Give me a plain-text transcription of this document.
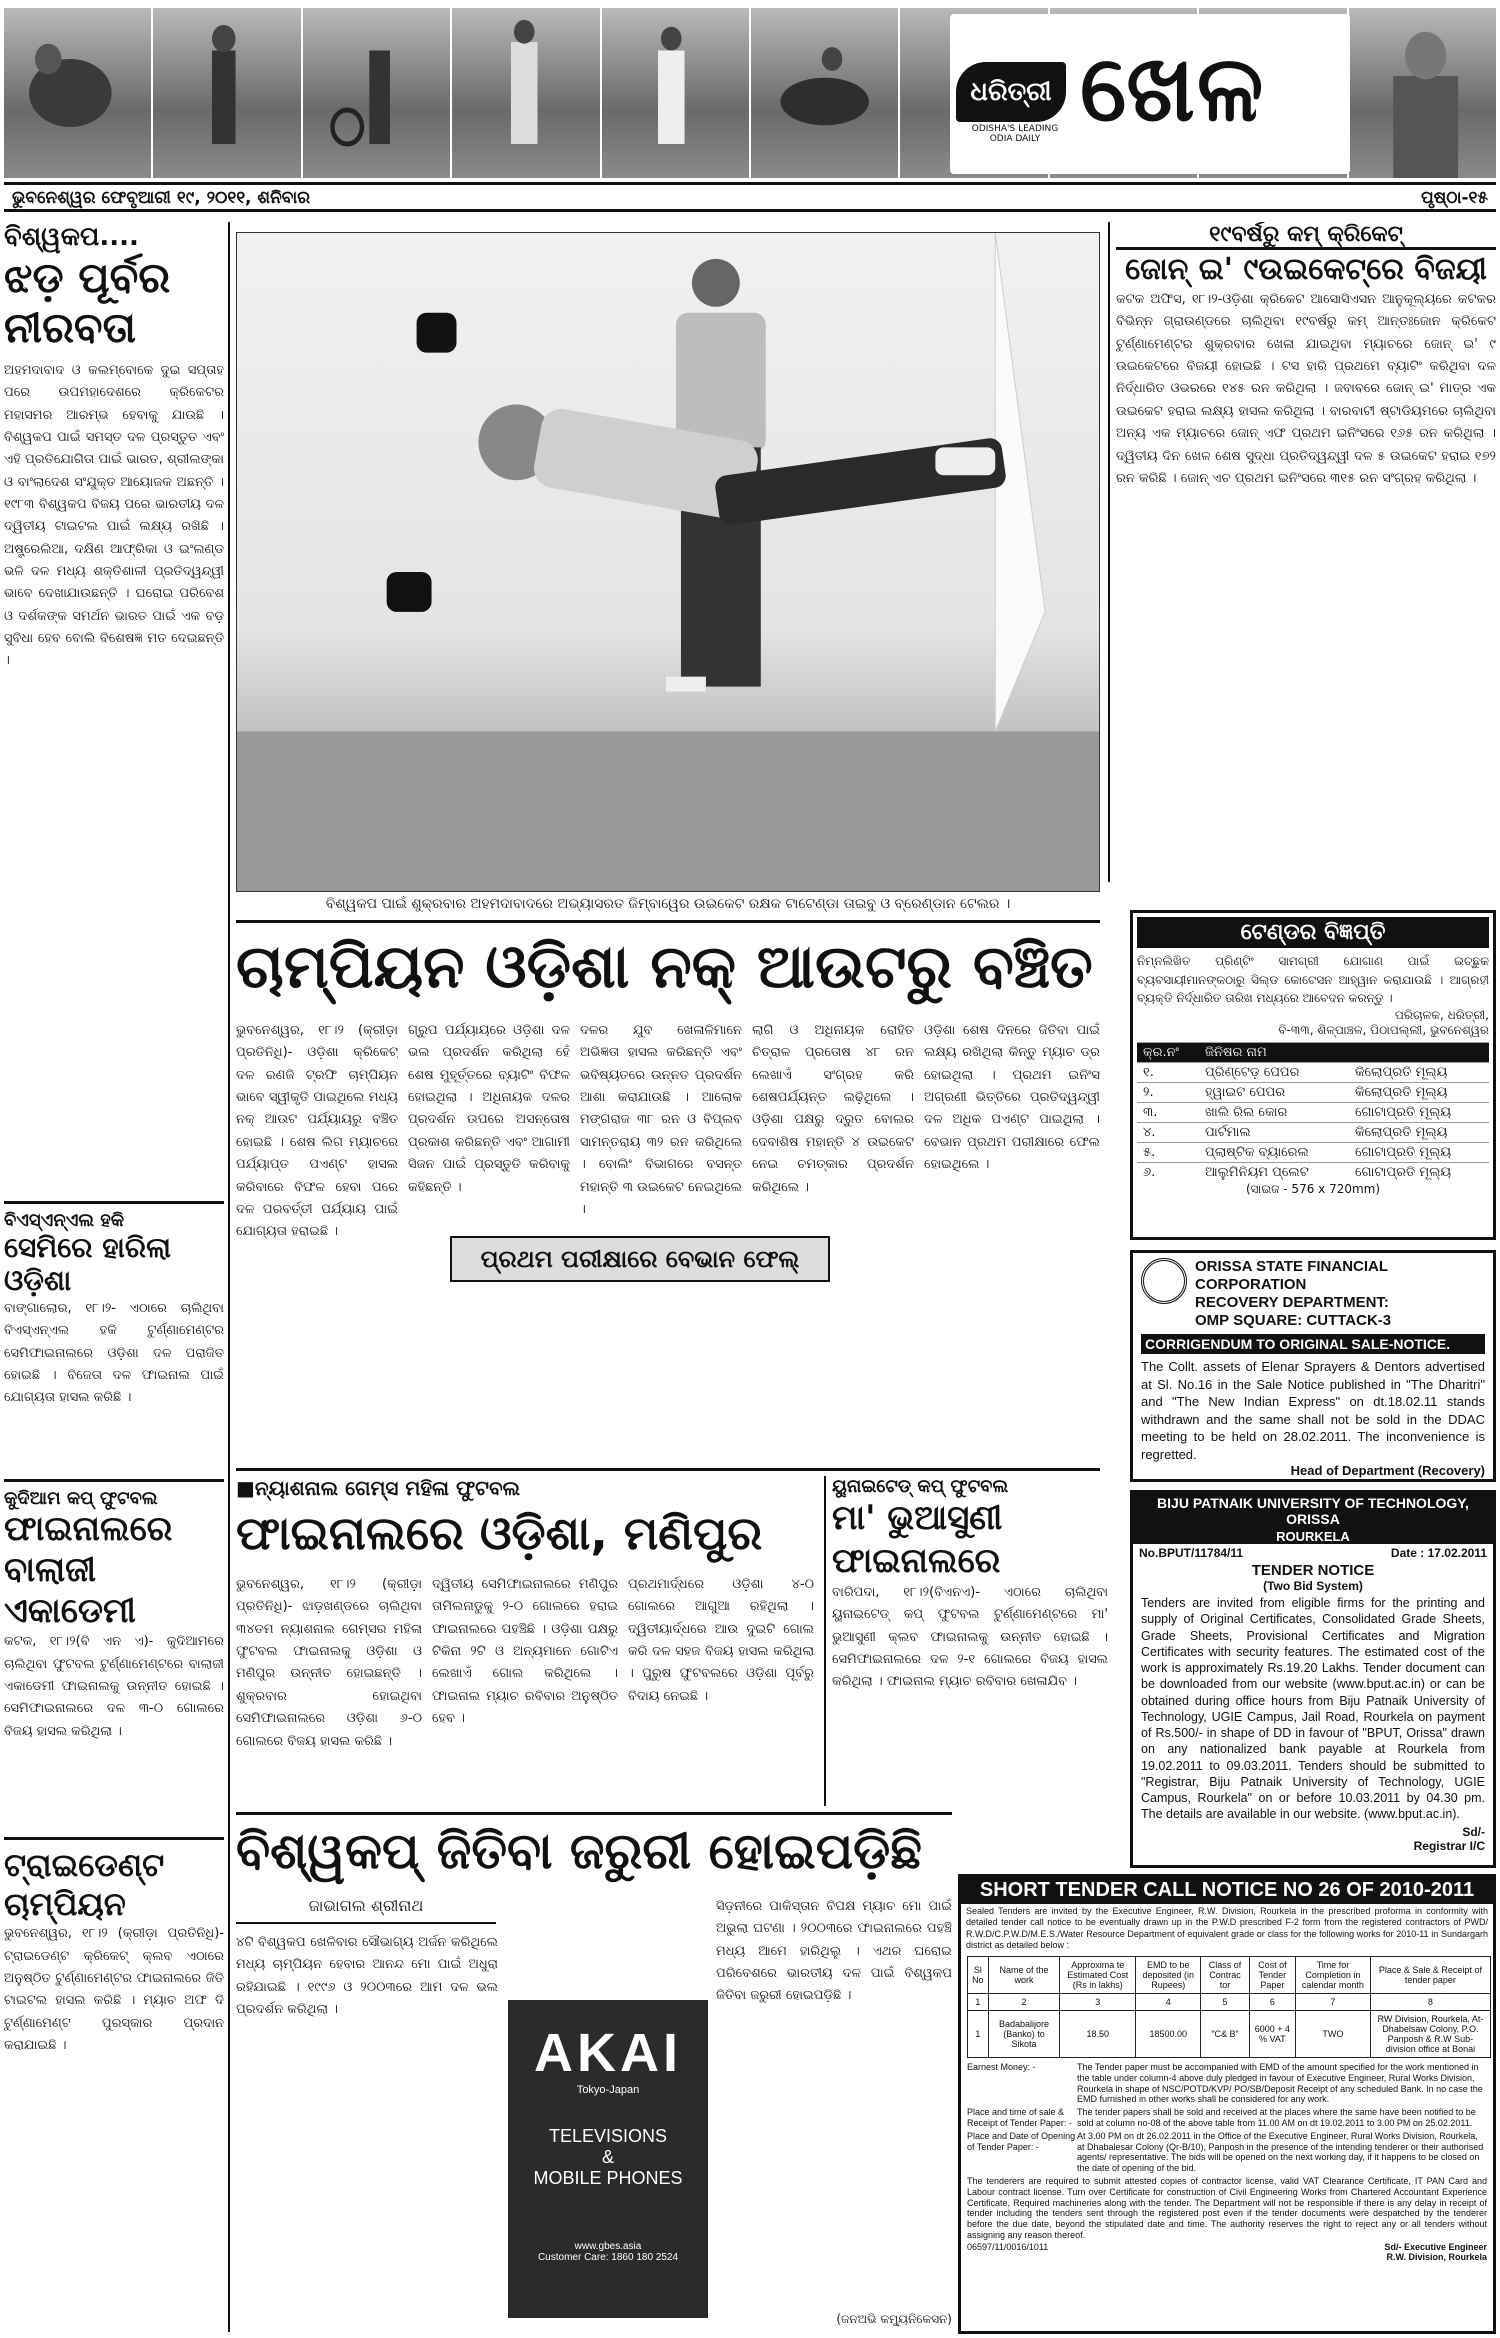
ଧରିତ୍ରୀ
ODISHA'S LEADING ODIA DAILY ଖେଳ
ଭୁବନେଶ୍ୱର ଫେବୃଆରୀ ୧୯, ୨୦୧୧, ଶନିବାର	ପୃଷ୍ଠା-୧୫
ବିଶ୍ୱକପ....
ଝଡ଼ ପୂର୍ବର ନୀରବତା
ଅହମଦାବାଦ ଓ କଲମ୍ବୋକେ ଦୁଇ ସପ୍ତାହ ପରେ ଉପମହାଦେଶରେ କ୍ରିକେଟର ମହାସମର ଆରମ୍ଭ ହେବାକୁ ଯାଉଛି । ବିଶ୍ୱକପ ପାଇଁ ସମସ୍ତ ଦଳ ପ୍ରସ୍ତୁତ ଏବଂ ଏହି ପ୍ରତିଯୋଗିତା ପାଇଁ ଭାରତ, ଶ୍ରୀଲଙ୍କା ଓ ବାଂଲାଦେଶ ସଂଯୁକ୍ତ ଆୟୋଜକ ଅଛନ୍ତି । ୧୯୮୩ ବିଶ୍ୱକପ ବିଜୟ ପରେ ଭାରତୀୟ ଦଳ ଦ୍ୱିତୀୟ ଟାଇଟଲ ପାଇଁ ଲକ୍ଷ୍ୟ ରଖିଛି । ଅଷ୍ଟ୍ରେଲିଆ, ଦକ୍ଷିଣ ଆଫ୍ରିକା ଓ ଇଂଲଣ୍ଡ ଭଳି ଦଳ ମଧ୍ୟ ଶକ୍ତିଶାଳୀ ପ୍ରତିଦ୍ୱନ୍ଦ୍ୱୀ ଭାବେ ଦେଖାଯାଉଛନ୍ତି । ଘରୋଇ ପରିବେଶ ଓ ଦର୍ଶକଙ୍କ ସମର୍ଥନ ଭାରତ ପାଇଁ ଏକ ବଡ଼ ସୁବିଧା ହେବ ବୋଲି ବିଶେଷଜ୍ଞ ମତ ଦେଇଛନ୍ତି ।
ବିଏସ୍‌ଏନ୍‌ଏଲ ହକି
ସେମିରେ ହାରିଲା ଓଡ଼ିଶା
ବାଙ୍ଗାଲୋର, ୧୮।୨- ଏଠାରେ ଚାଲିଥିବା ବିଏସ୍‌ଏନ୍‌ଏଲ ହକି ଟୁର୍ଣ୍ଣାମେଣ୍ଟର ସେମିଫାଇନାଲରେ ଓଡ଼ିଶା ଦଳ ପରାଜିତ ହୋଇଛି । ବିଜେତା ଦଳ ଫାଇନାଲ ପାଇଁ ଯୋଗ୍ୟତା ହାସଲ କରିଛି ।
କୁଦିଆମ କପ୍ ଫୁଟବଲ
ଫାଇନାଲରେ ବାଲାଜୀ ଏକାଡେମୀ
କଟକ, ୧୮।୨(ବି ଏନ ଏ)- କୁଦିଆମରେ ଚାଲିଥିବା ଫୁଟବଲ ଟୁର୍ଣ୍ଣାମେଣ୍ଟରେ ବାଲାଜୀ ଏକାଡେମୀ ଫାଇନାଲକୁ ଉନ୍ନୀତ ହୋଇଛି । ସେମିଫାଇନାଲରେ ଦଳ ୩-୦ ଗୋଲରେ ବିଜୟ ହାସଲ କରିଥିଲା ।
ଟ୍ରାଇଡେଣ୍ଟ ଚାମ୍ପିୟନ
ଭୁବନେଶ୍ୱର, ୧୮।୨ (କ୍ରୀଡ଼ା ପ୍ରତିନିଧି)- ଟ୍ରାଇଡେଣ୍ଟ କ୍ରିକେଟ୍ କ୍ଲବ ଏଠାରେ ଅନୁଷ୍ଠିତ ଟୁର୍ଣ୍ଣାମେଣ୍ଟର ଫାଇନାଲରେ ଜିତି ଟାଇଟଲ ହାସଲ କରିଛି । ମ୍ୟାଚ ଅଫ ଦି ଟୁର୍ଣ୍ଣାମେଣ୍ଟ ପୁରସ୍କାର ପ୍ରଦାନ କରାଯାଇଛି ।
ବିଶ୍ୱକପ ପାଇଁ ଶୁକ୍ରବାର ଅହମଦାବାଦରେ ଅଭ୍ୟାସରତ ଜିମ୍ବାୱେର ଉଇକେଟ ରକ୍ଷକ ଟାଟେଣ୍ଡା ତାଇବୁ ଓ ବ୍ରେଣ୍ଡାନ ଟେଲର ।
୧୯ବର୍ଷରୁ କମ୍ କ୍ରିକେଟ୍
ଜୋନ୍ ଇ' ୯ଉଇକେଟ୍‌ରେ ବିଜୟୀ
କଟକ ଅଫିସ, ୧୮।୨-ଓଡ଼ିଶା କ୍ରିକେଟ ଆସୋସିଏସନ ଆନୁକୂଲ୍ୟରେ କଟକର ବିଭିନ୍ନ ଗ୍ରାଉଣ୍ଡରେ ଚାଲିଥିବା ୧୯ବର୍ଷରୁ କମ୍ ଆନ୍ତଃଜୋନ କ୍ରିକେଟ ଟୁର୍ଣ୍ଣାମେଣ୍ଟର ଶୁକ୍ରବାର ଖେଳା ଯାଇଥିବା ମ୍ୟାଚରେ ଜୋନ୍ ଇ' ୯ ଉଇକେଟରେ ବିଜୟୀ ହୋଇଛି । ଟସ ହାରି ପ୍ରଥମେ ବ୍ୟାଟିଂ କରିଥିବା ଦଳ ନିର୍ଦ୍ଧାରିତ ଓଭରରେ ୧୪୫ ରନ କରିଥିଲା । ଜବାବରେ ଜୋନ୍ ଇ' ମାତ୍ର ଏକ ଉଇକେଟ ହରାଇ ଲକ୍ଷ୍ୟ ହାସଲ କରିଥିଲା । ବାରବାଟୀ ଷ୍ଟାଡିୟମରେ ଚାଲିଥିବା ଅନ୍ୟ ଏକ ମ୍ୟାଚରେ ଜୋନ୍ ଏଫ ପ୍ରଥମ ଇନିଂସରେ ୧୬୫ ରନ କରିଥିଲା । ଦ୍ୱିତୀୟ ଦିନ ଖେଳ ଶେଷ ସୁଦ୍ଧା ପ୍ରତିଦ୍ୱନ୍ଦ୍ୱୀ ଦଳ ୫ ଉଇକେଟ ହରାଇ ୧୭୨ ରନ କରିଛି । ଜୋନ୍ ଏଚ ପ୍ରଥମ ଇନିଂସରେ ୩୧୫ ରନ ସଂଗ୍ରହ କରିଥିଲା ।
ଚାମ୍ପିୟନ ଓଡ଼ିଶା ନକ୍ ଆଉଟରୁ ବଞ୍ଚିତ
ଭୁବନେଶ୍ୱର, ୧୮।୨ (କ୍ରୀଡ଼ା ପ୍ରତିନିଧି)- ଓଡ଼ିଶା କ୍ରିକେଟ୍ ଦଳ ରଣଜି ଟ୍ରଫି ଚାମ୍ପିୟନ ଭାବେ ସ୍ୱୀକୃତି ପାଇଥିଲେ ମଧ୍ୟ ନକ୍ ଆଉଟ ପର୍ଯ୍ୟାୟରୁ ବଞ୍ଚିତ ହୋଇଛି । ଶେଷ ଲିଗ ମ୍ୟାଚରେ ପର୍ଯ୍ୟାପ୍ତ ପଏଣ୍ଟ ହାସଲ କରିବାରେ ବିଫଳ ହେବା ପରେ ଦଳ ପରବର୍ତ୍ତୀ ପର୍ଯ୍ୟାୟ ପାଇଁ ଯୋଗ୍ୟତା ହରାଇଛି ।
ଗ୍ରୁପ ପର୍ଯ୍ୟାୟରେ ଓଡ଼ିଶା ଦଳ ଭଲ ପ୍ରଦର୍ଶନ କରିଥିଲା ହେଁ ଶେଷ ମୁହୂର୍ତ୍ତରେ ବ୍ୟାଟିଂ ବିଫଳ ହୋଇଥିଲା । ଅଧିନାୟକ ଦଳର ପ୍ରଦର୍ଶନ ଉପରେ ଅସନ୍ତୋଷ ପ୍ରକାଶ କରିଛନ୍ତି ଏବଂ ଆଗାମୀ ସିଜନ ପାଇଁ ପ୍ରସ୍ତୁତି କରିବାକୁ କହିଛନ୍ତି ।
ଦଳର ଯୁବ ଖେଳାଳିମାନେ ଅଭିଜ୍ଞତା ହାସଲ କରିଛନ୍ତି ଏବଂ ଭବିଷ୍ୟତରେ ଉନ୍ନତ ପ୍ରଦର୍ଶନ ଆଶା କରାଯାଉଛି । ଆଲୋକ ମଙ୍ଗରାଜ ୩୮ ରନ ଓ ବିପ୍ଲବ ସାମନ୍ତରାୟ ୩୨ ରନ କରିଥିଲେ । ବୋଲିଂ ବିଭାଗରେ ବସନ୍ତ ମହାନ୍ତି ୩ ଉଇକେଟ ନେଇଥିଲେ ।
ଲାଗି ଓ ଅଧିନାୟକ ରୋହିତ ଚିତ୍ରାଳ ପ୍ରତୋଷ ୪୮ ରନ ଲେଖାଏଁ ସଂଗ୍ରହ କରି ଶେଷପର୍ଯ୍ୟନ୍ତ ଲଢ଼ିଥିଲେ । ଓଡ଼ିଶା ପକ୍ଷରୁ ଦ୍ରୁତ ବୋଲର ଦେବାଶିଷ ମହାନ୍ତି ୪ ଉଇକେଟ ନେଇ ଚମତ୍କାର ପ୍ରଦର୍ଶନ କରିଥିଲେ ।
ଓଡ଼ିଶା ଶେଷ ଦିନରେ ଜିତିବା ପାଇଁ ଲକ୍ଷ୍ୟ ରଖିଥିଲା କିନ୍ତୁ ମ୍ୟାଚ ଡ୍ର ହୋଇଥିଲା । ପ୍ରଥମ ଇନିଂସ ଅଗ୍ରଣୀ ଭିତ୍ତିରେ ପ୍ରତିଦ୍ୱନ୍ଦ୍ୱୀ ଦଳ ଅଧିକ ପଏଣ୍ଟ ପାଇଥିଲା । ବେଭାନ ପ୍ରଥମ ପରୀକ୍ଷାରେ ଫେଲ ହୋଇଥିଲେ ।
ପ୍ରଥମ ପରୀକ୍ଷାରେ ବେଭାନ ଫେଲ୍
■ନ୍ୟାଶନାଲ ଗେମ୍ସ ମହିଳା ଫୁଟବଲ
ଫାଇନାଲରେ ଓଡ଼ିଶା, ମଣିପୁର
ଭୁବନେଶ୍ୱର, ୧୮।୨ (କ୍ରୀଡ଼ା ପ୍ରତିନିଧି)- ଝାଡ଼ଖଣ୍ଡରେ ଚାଲିଥିବା ୩୪ତମ ନ୍ୟାଶନାଲ ଗେମ୍ସର ମହିଳା ଫୁଟବଲ ଫାଇନାଲକୁ ଓଡ଼ିଶା ଓ ମଣିପୁର ଉନ୍ନୀତ ହୋଇଛନ୍ତି । ଶୁକ୍ରବାର ହୋଇଥିବା ସେମିଫାଇନାଲରେ ଓଡ଼ିଶା ୬-୦ ଗୋଲରେ ବିଜୟ ହାସଲ କରିଛି ।
ଦ୍ୱିତୀୟ ସେମିଫାଇନାଲରେ ମଣିପୁର ତାମିଲନାଡୁକୁ ୨-୦ ଗୋଲରେ ହରାଇ ଫାଇନାଲରେ ପହଞ୍ଚିଛି । ଓଡ଼ିଶା ପକ୍ଷରୁ ଟିକିନା ୨ଟି ଓ ଅନ୍ୟମାନେ ଗୋଟିଏ ଲେଖାଏଁ ଗୋଲ କରିଥିଲେ । ଫାଇନାଲ ମ୍ୟାଚ ରବିବାର ଅନୁଷ୍ଠିତ ହେବ ।
ପ୍ରଥମାର୍ଦ୍ଧରେ ଓଡ଼ିଶା ୪-୦ ଗୋଲରେ ଆଗୁଆ ରହିଥିଲା । ଦ୍ୱିତୀୟାର୍ଦ୍ଧରେ ଆଉ ଦୁଇଟି ଗୋଲ କରି ଦଳ ସହଜ ବିଜୟ ହାସଲ କରିଥିଲା । ପୁରୁଷ ଫୁଟବଲରେ ଓଡ଼ିଶା ପୂର୍ବରୁ ବିଦାୟ ନେଇଛି ।
ୟୁନାଇଟେଡ୍ କପ୍ ଫୁଟବଲ
ମା' ଭୁଆସୁଣୀ ଫାଇନାଲରେ
ବାରିପଦା, ୧୮।୨(ବିଏନଏ)- ଏଠାରେ ଚାଲିଥିବା ୟୁନାଇଟେଡ୍ କପ୍ ଫୁଟବଲ ଟୁର୍ଣ୍ଣାମେଣ୍ଟରେ ମା' ଭୁଆସୁଣୀ କ୍ଲବ ଫାଇନାଲକୁ ଉନ୍ନୀତ ହୋଇଛି । ସେମିଫାଇନାଲରେ ଦଳ ୨-୧ ଗୋଲରେ ବିଜୟ ହାସଲ କରିଥିଲା । ଫାଇନାଲ ମ୍ୟାଚ ରବିବାର ଖେଳାଯିବ ।
ବିଶ୍ୱକପ୍ ଜିତିବା ଜରୁରୀ ହୋଇପଡ଼ିଛି
ଜାଭାଗଲ ଶ୍ରୀନାଥ
୪ଟି ବିଶ୍ୱକପ ଖେଳିବାର ସୌଭାଗ୍ୟ ଅର୍ଜନ କରିଥିଲେ ମଧ୍ୟ ଚାମ୍ପିୟନ ହେବାର ଆନନ୍ଦ ମୋ ପାଇଁ ଅଧୁରା ରହିଯାଇଛି । ୧୯୯୬ ଓ ୨୦୦୩ରେ ଆମ ଦଳ ଭଲ ପ୍ରଦର୍ଶନ କରିଥିଲା ।
ସିଡ଼ନୀରେ ପାକିସ୍ତାନ ବିପକ୍ଷ ମ୍ୟାଚ ମୋ ପାଇଁ ଅଭୁଲା ଘଟଣା । ୨୦୦୩ରେ ଫାଇନାଲରେ ପହଞ୍ଚି ମଧ୍ୟ ଆମେ ହାରିଥିଲୁ । ଏଥର ଘରୋଇ ପରିବେଶରେ ଭାରତୀୟ ଦଳ ପାଇଁ ବିଶ୍ୱକପ ଜିତିବା ଜରୁରୀ ହୋଇପଡ଼ିଛି ।
(ଜନଅଭି କମ୍ୟୁନିକେସନ)
AKAI
Tokyo-Japan
TELEVISIONS
&
MOBILE PHONES
www.gbes.asia
Customer Care: 1860 180 2524
ଟେଣ୍ଡର ବିଜ୍ଞପ୍ତି
ନିମ୍ନଲିଖିତ ପ୍ରିଣ୍ଟିଂ ସାମଗ୍ରୀ ଯୋଗାଣ ପାଇଁ ଇଚ୍ଛୁକ ବ୍ୟବସାୟୀମାନଙ୍କଠାରୁ ସିଲ୍ଡ କୋଟେସନ ଆହ୍ୱାନ କରାଯାଉଛି । ଆଗ୍ରହୀ ବ୍ୟକ୍ତି ନିର୍ଦ୍ଧାରିତ ତାରିଖ ମଧ୍ୟରେ ଆବେଦନ କରନ୍ତୁ ।
ପରିଚାଳକ, ଧରିତ୍ରୀ,
ବି-୩୩, ଶିଳ୍ପାଞ୍ଚଳ, ପିଠାପଲ୍ଲୀ, ଭୁବନେଶ୍ୱର
କ୍ର.ନଂ	ଜିନିଷର ନାମ	
୧.	ପ୍ରିଣ୍ଟେଡ଼ ପେପର	କିଲୋପ୍ରତି ମୂଲ୍ୟ
୨.	ହ୍ୱାଇଟ ପେପର	କିଲୋପ୍ରତି ମୂଲ୍ୟ
୩.	ଖାଲି ରିଲ କୋର	ଗୋଟାପ୍ରତି ମୂଲ୍ୟ
୪.	ପାର୍ଟମାଲ	କିଲୋପ୍ରତି ମୂଲ୍ୟ
୫.	ପ୍ଲାଷ୍ଟିକ ବ୍ୟାରେଲ	ଗୋଟାପ୍ରତି ମୂଲ୍ୟ
୬.	ଆଲୁମିନିୟମ ପ୍ଲେଟ	ଗୋଟାପ୍ରତି ମୂଲ୍ୟ
(ସାଇଜ - 576 x 720mm)
ORISSA STATE FINANCIAL
CORPORATION
RECOVERY DEPARTMENT:
OMP SQUARE: CUTTACK-3
CORRIGENDUM TO ORIGINAL SALE-NOTICE.
The Collt. assets of Elenar Sprayers & Dentors advertised at Sl. No.16 in the Sale Notice published in "The Dharitri" and "The New Indian Express" on dt.18.02.11 stands withdrawn and the same shall not be sold in the DDAC meeting to be held on 28.02.2011. The inconvenience is regretted.
Head of Department (Recovery)
BIJU PATNAIK UNIVERSITY OF TECHNOLOGY, ORISSA
ROURKELA
No.BPUT/11784/11	Date : 17.02.2011
TENDER NOTICE
(Two Bid System)
Tenders are invited from eligible firms for the printing and supply of Original Certificates, Consolidated Grade Sheets, Grade Sheets, Provisional Certificates and Migration Certificates with security features. The estimated cost of the work is approximately Rs.19.20 Lakhs. Tender document can be downloaded from our website (www.bput.ac.in) or can be obtained during office hours from Biju Patnaik University of Technology, UGIE Campus, Jail Road, Rourkela on payment of Rs.500/- in shape of DD in favour of "BPUT, Orissa" drawn on any nationalized bank payable at Rourkela from 19.02.2011 to 09.03.2011. Tenders should be submitted to "Registrar, Biju Patnaik University of Technology, UGIE Campus, Rourkela" on or before 10.03.2011 by 04.30 pm. The details are available in our website. (www.bput.ac.in).
Sd/-
Registrar I/C
SHORT TENDER CALL NOTICE NO 26 OF 2010-2011
Sealed Tenders are invited by the Executive Engineer, R.W. Division, Rourkela in the prescribed proforma in conformity with detailed tender call notice to be eventually drawn up in the P.W.D prescribed F-2 form from the registered contractors of PWD/ R.W.D/C.P.W.D/M.E.S./Water Resource Department of equivalent grade or class for the following works for 2010-11 in Sundargarh district as detailed below :
Sl No	Name of the work	Approxima te Estimated Cost (Rs in lakhs)	EMD to be deposited (in Rupees)	Class of Contrac tor	Cost of Tender Paper	Time for Completion in calendar month	Place & Sale & Receipt of tender paper
1	2	3	4	5	6	7	8
1	Badabalijore (Banko) to Sikota	18.50	18500.00	"C& B"	6000 + 4 % VAT	TWO	RW Division, Rourkela, At-Dhabelsaw Colony, P.O. Panposh & R.W Sub-division office at Bonai
Earnest Money: -	The Tender paper must be accompanied with EMD of the amount specified for the work mentioned in the table under column-4 above duly pledged in favour of Executive Engineer, Rural Works Division, Rourkela in shape of NSC/POTD/KVP/ PO/SB/Deposit Receipt of any scheduled Bank. In no case the EMD furnished in other works shall be considered for any work.
Place and time of sale & Receipt of Tender Paper: -
The tender papers shall be sold and received at the places where the same have been notified to be sold at column no-08 of the above table from 11.00 AM on dt 19.02.2011 to 3.00 PM on 25.02.2011.
Place and Date of Opening of Tender Paper: -
At 3.00 PM on dt 26.02.2011 in the Office of the Executive Engineer, Rural Works Division, Rourkela, at Dhabalesar Colony (Qr-B/10), Panposh in the presence of the intending tenderer or their authorised agents/ representative. The bids will be opened on the next working day, if it happens to be closed on the date of opening of the bid.
The tenderers are required to submit attested copies of contractor license, valid VAT Clearance Certificate, IT PAN Card and Labour contract license. Turn over Certificate for construction of Civil Engineering Works from Chartered Accountant Experience Certificate, Required machineries along with the tender. The Department will not be responsible if there is any delay in receipt of tender including the tenders sent through the registered post even if the tender documents were despatched by the tenderer before the due date, beyond the stipulated date and time. The authority reserves the right to reject any or all tenders without assigning any reason thereof.
06597/11/0016/1011	Sd/- Executive Engineer
R.W. Division, Rourkela
